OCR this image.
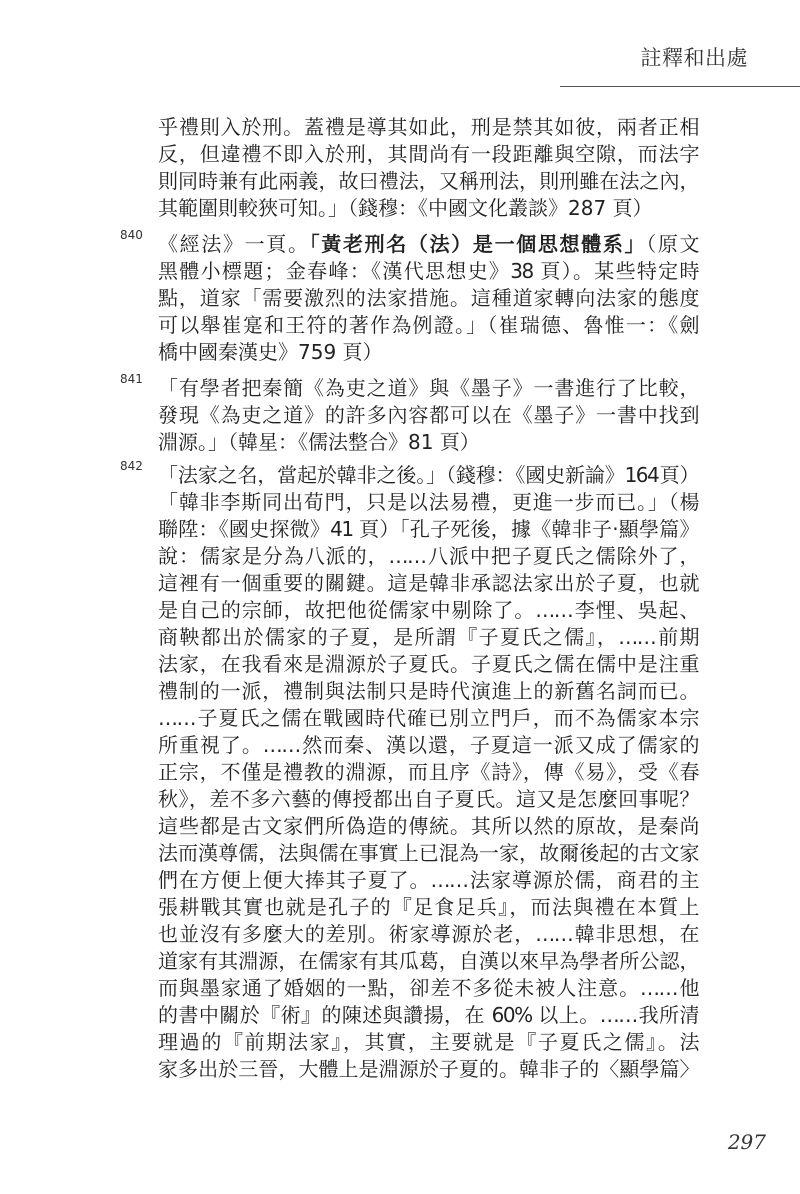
註釋和出處
乎禮則入於刑。蓋禮是導其如此，刑是禁其如彼，兩者正相
反，但違禮不即入於刑，其間尚有一段距離與空隙，而法字
則同時兼有此兩義，故曰禮法，又稱刑法，則刑雖在法之內，
其範圍則較狹可知。」（錢穆：《中國文化叢談》287 頁）
840 《經法》一頁。「黃老刑名（法）是一個思想體系」（原文
黑體小標題；金春峰：《漢代思想史》38 頁）。某些特定時
點，道家「需要激烈的法家措施。這種道家轉向法家的態度
可以舉崔寔和王符的著作為例證。」（崔瑞德、魯惟一：《劍
橋中國秦漢史》759 頁）
841 「有學者把秦簡《為吏之道》與《墨子》一書進行了比較，
發現《為吏之道》的許多內容都可以在《墨子》一書中找到
淵源。」（韓星：《儒法整合》81 頁）
842 「法家之名，當起於韓非之後。」（錢穆：《國史新論》164頁）
「韓非李斯同出荀門，只是以法易禮，更進一步而已。」（楊
聯陞：《國史探微》41 頁）「孔子死後，據《韓非子‧顯學篇》
說：儒家是分為八派的，……八派中把子夏氏之儒除外了，
這裡有一個重要的關鍵。這是韓非承認法家出於子夏，也就
是自己的宗師，故把他從儒家中剔除了。……李悝、吳起、
商鞅都出於儒家的子夏，是所謂『子夏氏之儒』，……前期
法家，在我看來是淵源於子夏氏。子夏氏之儒在儒中是注重
禮制的一派，禮制與法制只是時代演進上的新舊名詞而已。
……子夏氏之儒在戰國時代確已別立門戶，而不為儒家本宗
所重視了。……然而秦、漢以還，子夏這一派又成了儒家的
正宗，不僅是禮教的淵源，而且序《詩》，傳《易》，受《春
秋》，差不多六藝的傳授都出自子夏氏。這又是怎麼回事呢？
這些都是古文家們所偽造的傳統。其所以然的原故，是秦尚
法而漢尊儒，法與儒在事實上已混為一家，故爾後起的古文家
們在方便上便大捧其子夏了。……法家導源於儒，商君的主
張耕戰其實也就是孔子的『足食足兵』，而法與禮在本質上
也並沒有多麼大的差別。術家導源於老，……韓非思想，在
道家有其淵源，在儒家有其瓜葛，自漢以來早為學者所公認，
而與墨家通了婚姻的一點，卻差不多從未被人注意。……他
的書中關於『術』的陳述與讚揚，在 60% 以上。……我所清
理過的『前期法家』，其實，主要就是『子夏氏之儒』。法
家多出於三晉，大體上是淵源於子夏的。韓非子的〈顯學篇〉
297
